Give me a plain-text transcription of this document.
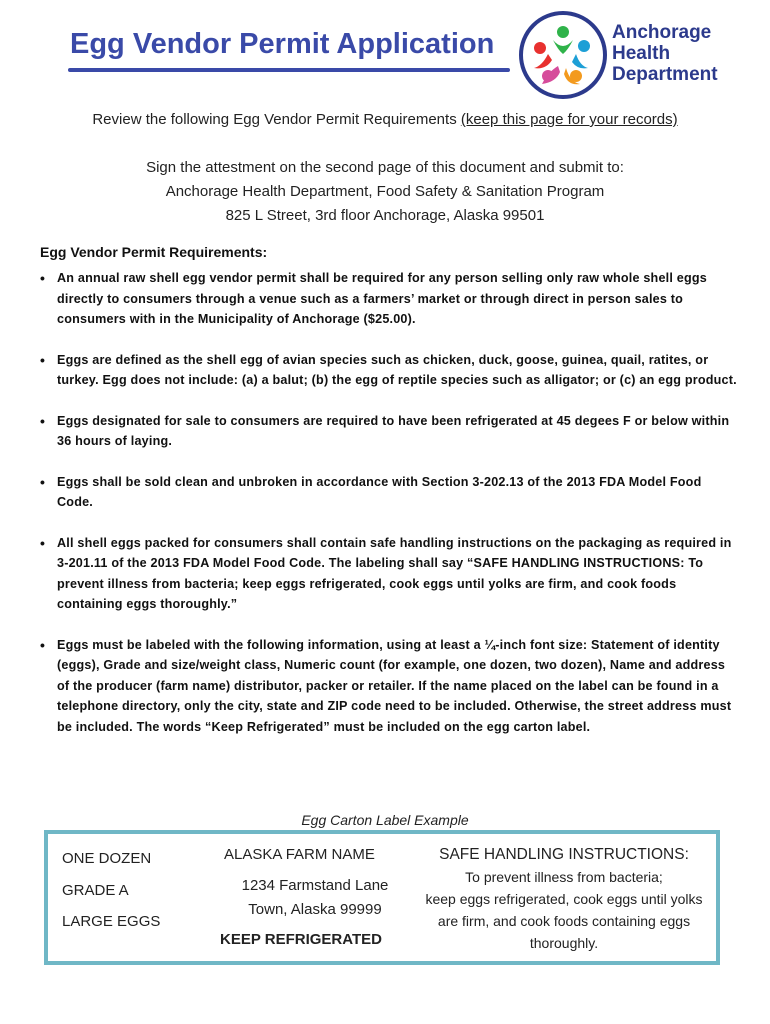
Egg Vendor Permit Application	Anchorage
Health
Department
Review the following Egg Vendor Permit Requirements (keep this page for your records)
Sign the attestment on the second page of this document and submit to:
Anchorage Health Department, Food Safety & Sanitation Program
825 L Street, 3rd floor Anchorage, Alaska 99501
Egg Vendor Permit Requirements:
• An annual raw shell egg vendor permit shall be required for any person selling only raw whole shell eggs directly to consumers through a venue such as a farmers’ market or through direct in person sales to consumers with in the Municipality of Anchorage ($25.00).
• Eggs are defined as the shell egg of avian species such as chicken, duck, goose, guinea, quail, ratites, or turkey. Egg does not include: (a) a balut; (b) the egg of reptile species such as alligator; or (c) an egg product.
• Eggs designated for sale to consumers are required to have been refrigerated at 45 degees F or below within 36 hours of laying.
• Eggs shall be sold clean and unbroken in accordance with Section 3-202.13 of the 2013 FDA Model Food Code.
• All shell eggs packed for consumers shall contain safe handling instructions on the packaging as required in 3-201.11 of the 2013 FDA Model Food Code. The labeling shall say “SAFE HANDLING INSTRUCTIONS: To prevent illness from bacteria; keep eggs refrigerated, cook eggs until yolks are firm, and cook foods containing eggs thoroughly.”
• Eggs must be labeled with the following information, using at least a ¼-inch font size: Statement of identity (eggs), Grade and size/weight class, Numeric count (for example, one dozen, two dozen), Name and address of the producer (farm name) distributor, packer or retailer. If the name placed on the label can be found in a telephone directory, only the city, state and ZIP code need to be included. Otherwise, the street address must be included. The words “Keep Refrigerated” must be included on the egg carton label.
Egg Carton Label Example
ONE DOZEN
GRADE A
LARGE EGGS
ALASKA FARM NAME
1234 Farmstand Lane
Town, Alaska 99999
KEEP REFRIGERATED
SAFE HANDLING INSTRUCTIONS:
To prevent illness from bacteria;
keep eggs refrigerated, cook eggs until yolks
are firm, and cook foods containing eggs
thoroughly.
